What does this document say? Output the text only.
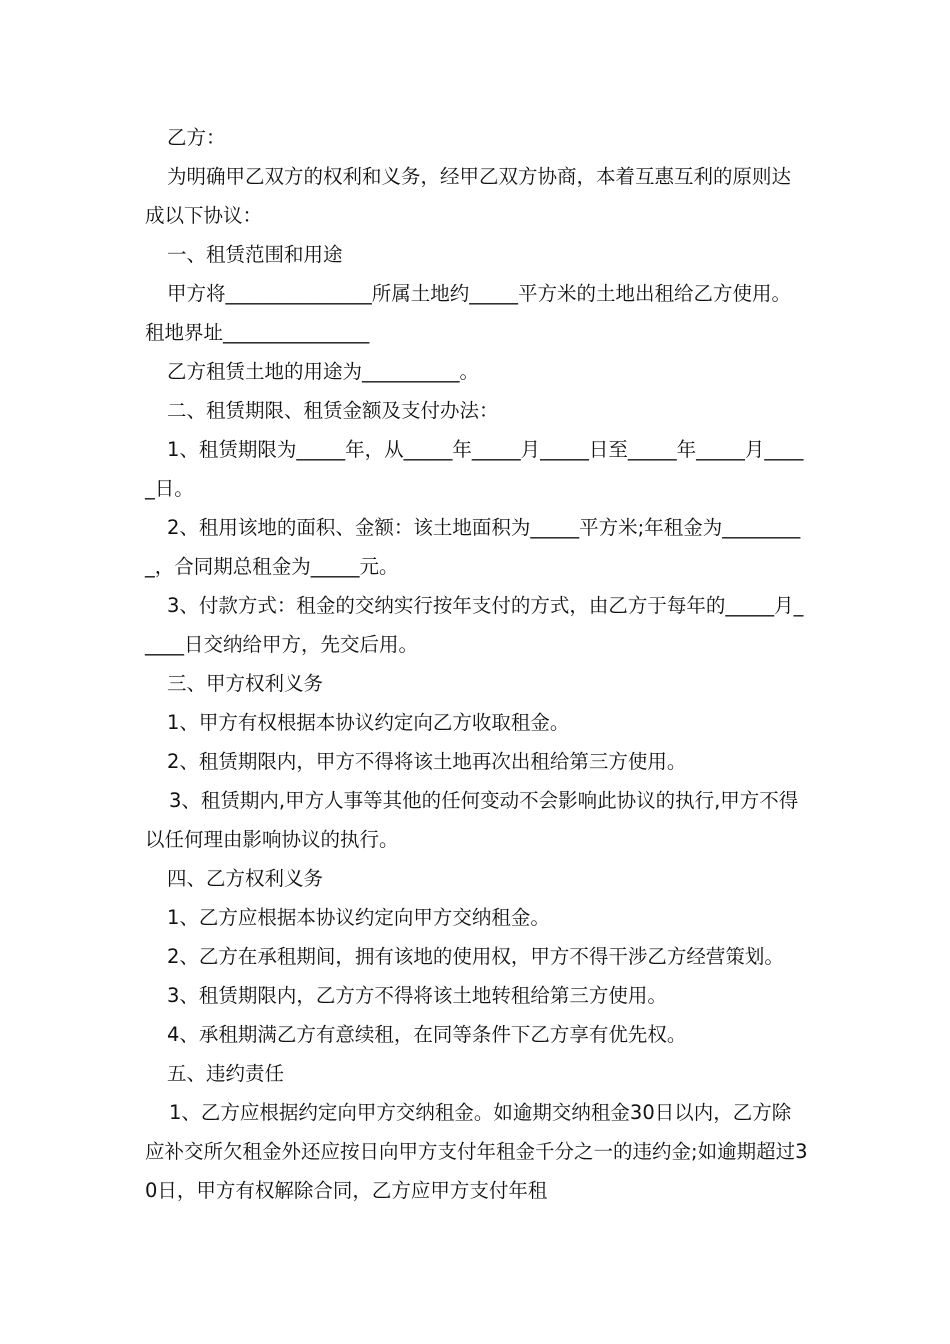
乙方：

为明确甲乙双方的权利和义务，经甲乙双方协商，本着互惠互利的原则达成以下协议：

一、租赁范围和用途

甲方将_______________所属土地约_____平方米的土地出租给乙方使用。租地界址_______________

乙方租赁土地的用途为__________。

二、租赁期限、租赁金额及支付办法：

1、租赁期限为_____年，从_____年_____月_____日至_____年_____月_____日。

2、租用该地的面积、金额：该土地面积为_____平方米;年租金为_________，合同期总租金为_____元。

3、付款方式：租金的交纳实行按年支付的方式，由乙方于每年的_____月_____日交纳给甲方，先交后用。

三、甲方权利义务

1、甲方有权根据本协议约定向乙方收取租金。

2、租赁期限内，甲方不得将该土地再次出租给第三方使用。

3、租赁期内,甲方人事等其他的任何变动不会影响此协议的执行,甲方不得以任何理由影响协议的执行。

四、乙方权利义务

1、乙方应根据本协议约定向甲方交纳租金。

2、乙方在承租期间，拥有该地的使用权，甲方不得干涉乙方经营策划。

3、租赁期限内，乙方方不得将该土地转租给第三方使用。

4、承租期满乙方有意续租，在同等条件下乙方享有优先权。

五、违约责任

1、乙方应根据约定向甲方交纳租金。如逾期交纳租金30日以内，乙方除应补交所欠租金外还应按日向甲方支付年租金千分之一的违约金;如逾期超过30日，甲方有权解除合同，乙方应甲方支付年租
